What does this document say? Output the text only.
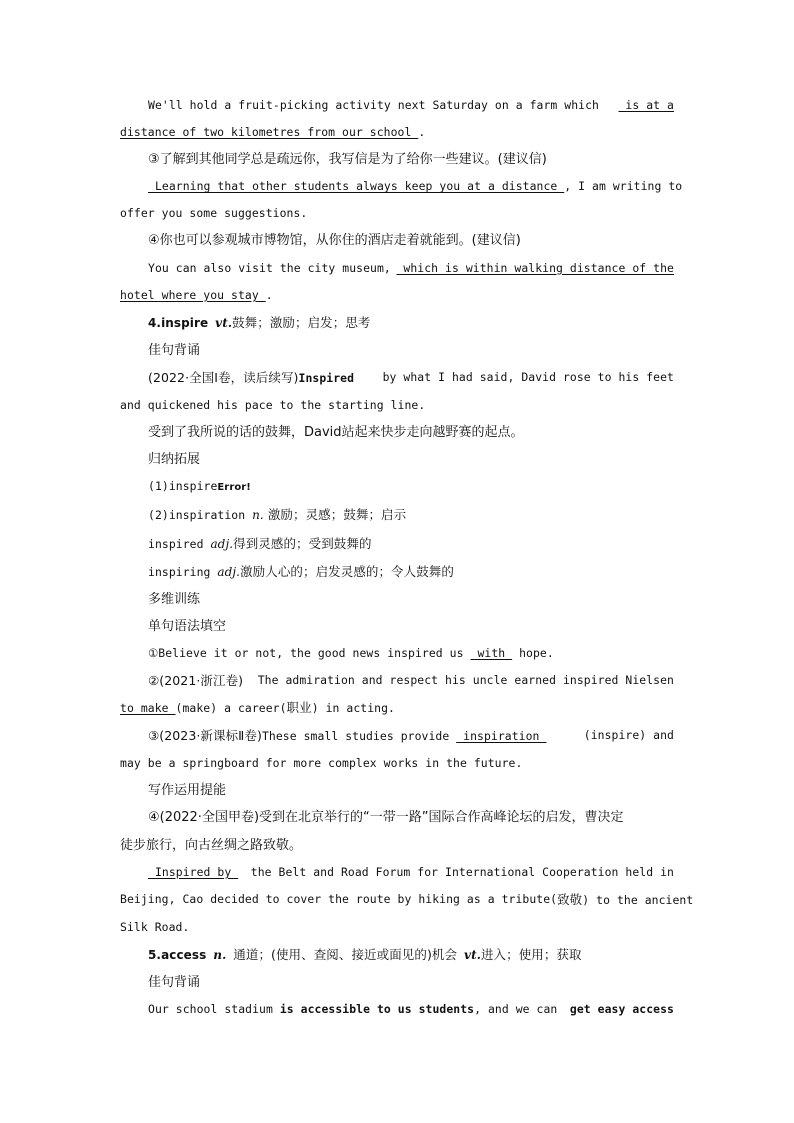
We'll hold a fruit-picking activity next Saturday on a farm which is at a
distance of two kilometres from our school .
③了解到其他同学总是疏远你，我写信是为了给你一些建议。(建议信)
Learning that other students always keep you at a distance , I am writing to
offer you some suggestions.
④你也可以参观城市博物馆，从你住的酒店走着就能到。(建议信)
You can also visit the city museum, which is within walking distance of the
hotel where you stay .
4.inspire vt.鼓舞；激励；启发；思考
佳句背诵
(2022·全国Ⅰ卷，读后续写)Inspired	by what I had said, David rose to his feet
and quickened his pace to the starting line.
受到了我所说的话的鼓舞，David站起来快步走向越野赛的起点。
归纳拓展
(1)inspireError!
(2)inspiration n. 激励；灵感；鼓舞；启示
inspired adj.得到灵感的；受到鼓舞的
inspiring adj.激励人心的；启发灵感的；令人鼓舞的
多维训练
单句语法填空
①Believe it or not, the good news inspired us  with  hope.
②(2021·浙江卷) The admiration and respect his uncle earned inspired Nielsen
to make (make) a career(职业) in acting.
③(2023·新课标Ⅱ卷)These small studies provide  inspiration	(inspire) and
may be a springboard for more complex works in the future.
写作运用提能
④(2022·全国甲卷)受到在北京举行的“一带一路”国际合作高峰论坛的启发，曹决定
徒步旅行，向古丝绸之路致敬。
Inspired by the Belt and Road Forum for International Cooperation held in
Beijing, Cao decided to cover the route by hiking as a tribute( 致敬) to the ancient
Silk Road.
5.access n. 通道；(使用、查阅、接近或面见的)机会 vt.进入；使用；获取
佳句背诵
Our school stadium is accessible to us students, and we can get easy access
